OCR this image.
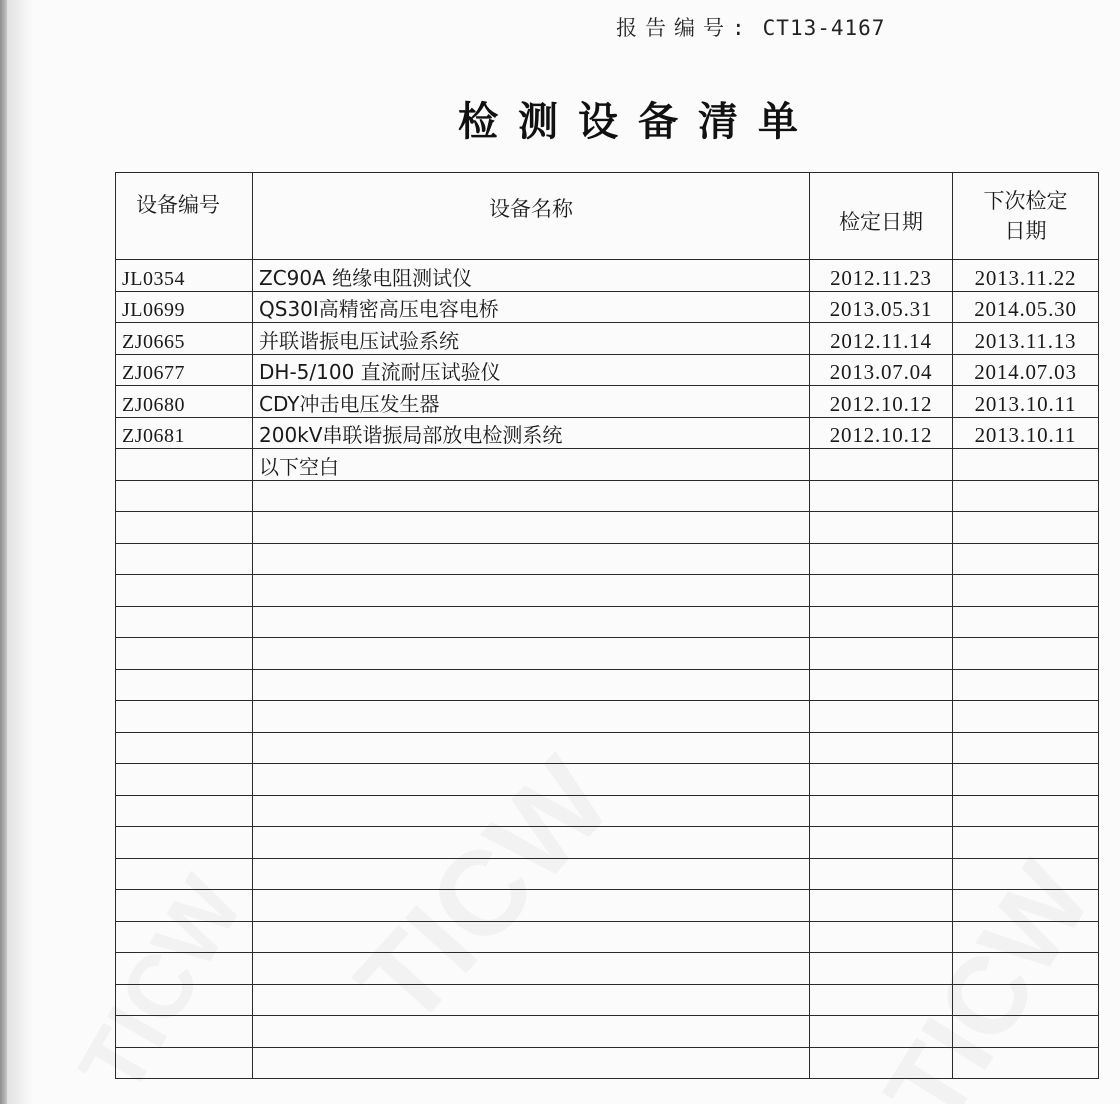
报告编号: CT13-4167
检测设备清单
设备编号	设备名称	检定日期	下次检定
日期
JL0354	ZC90A 绝缘电阻测试仪	2012.11.23	2013.11.22
JL0699	QS30I高精密高压电容电桥	2013.05.31	2014.05.30
ZJ0665	并联谐振电压试验系统	2012.11.14	2013.11.13
ZJ0677	DH-5/100 直流耐压试验仪	2013.07.04	2014.07.03
ZJ0680	CDY冲击电压发生器	2012.10.12	2013.10.11
ZJ0681	200kV串联谐振局部放电检测系统	2012.10.12	2013.10.11
	以下空白		
